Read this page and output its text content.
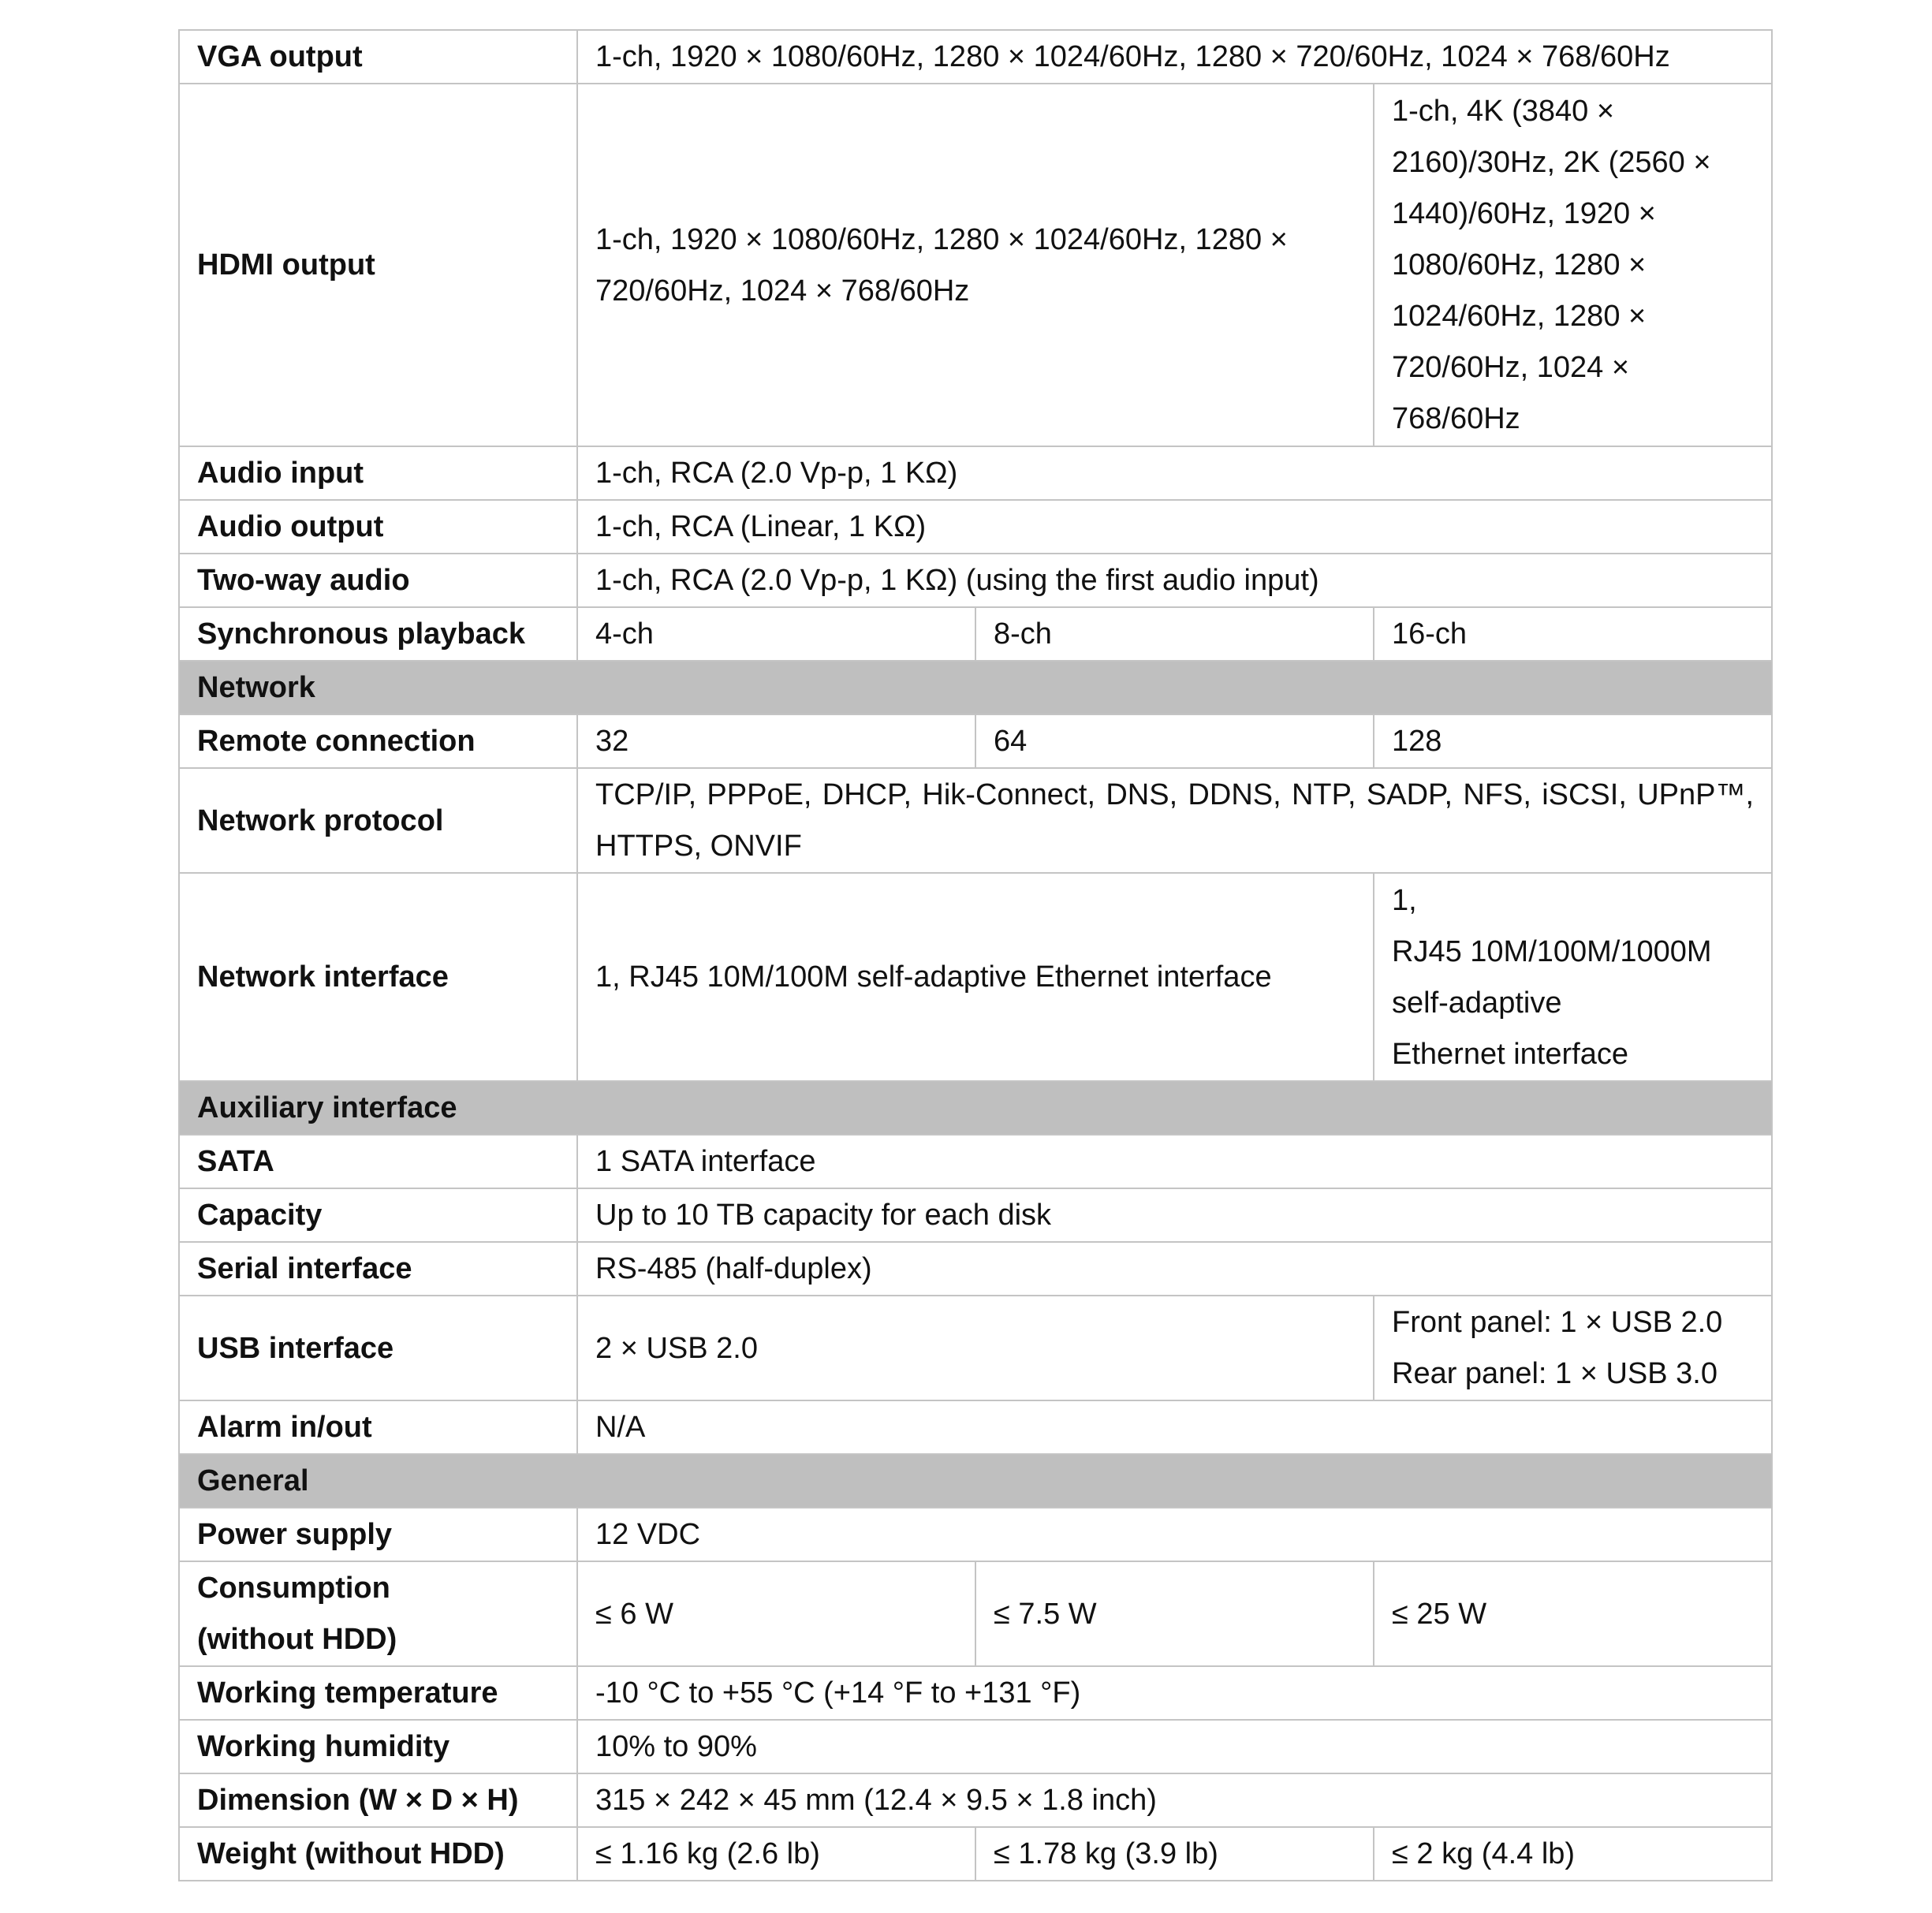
VGA output	1-ch, 1920 × 1080/60Hz, 1280 × 1024/60Hz, 1280 × 720/60Hz, 1024 × 768/60Hz		
HDMI output	1-ch, 1920 × 1080/60Hz, 1280 × 1024/60Hz, 1280 × 720/60Hz, 1024 × 768/60Hz		1-ch, 4K (3840 × 2160)/30Hz, 2K (2560 × 1440)/60Hz, 1920 × 1080/60Hz, 1280 × 1024/60Hz, 1280 × 720/60Hz, 1024 × 768/60Hz
Audio input	1-ch, RCA (2.0 Vp-p, 1 KΩ)		
Audio output	1-ch, RCA (Linear, 1 KΩ)		
Two-way audio	1-ch, RCA (2.0 Vp-p, 1 KΩ) (using the first audio input)		
Synchronous playback	4-ch	8-ch	16-ch
Network			
Remote connection	32	64	128
Network protocol	TCP/IP, PPPoE, DHCP, Hik-Connect, DNS, DDNS, NTP, SADP, NFS, iSCSI, UPnP™, HTTPS, ONVIF		
Network interface	1, RJ45 10M/100M self-adaptive Ethernet interface		1,
RJ45 10M/100M/1000M
self-adaptive
Ethernet interface

Auxiliary interface			
SATA	1 SATA interface		
Capacity	Up to 10 TB capacity for each disk		
Serial interface	RS-485 (half-duplex)		
USB interface	2 × USB 2.0		Front panel: 1 × USB 2.0
Rear panel: 1 × USB 3.0

Alarm in/out	N/A		
General			
Power supply	12 VDC		

Consumption
(without HDD)	≤ 6 W	≤ 7.5 W	≤ 25 W
Working temperature	-10 °C to +55 °C (+14 °F to +131 °F)		
Working humidity	10% to 90%		
Dimension (W × D × H)	315 × 242 × 45 mm (12.4 × 9.5 × 1.8 inch)		
Weight (without HDD)	≤ 1.16 kg (2.6 lb)	≤ 1.78 kg (3.9 lb)	≤ 2 kg (4.4 lb)
